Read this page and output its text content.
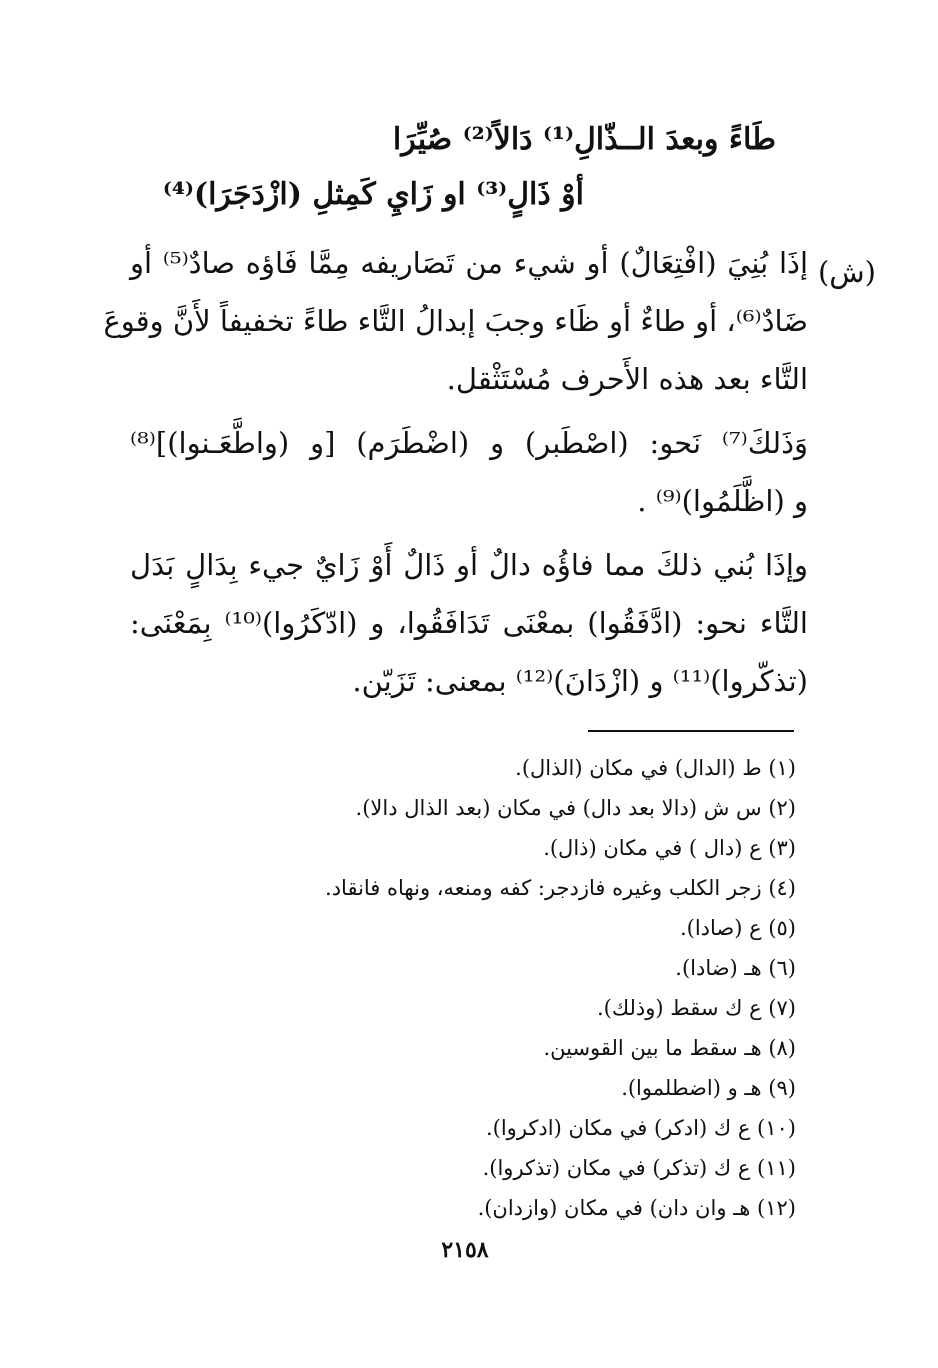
طَاءً وبعدَ الــذّالِ⁽¹⁾ دَالاً⁽²⁾ صُيِّرَا
أوْ ذَالٍ⁽³⁾ او زَايِ كَمِثلِ (ازْدَجَرَا)⁽⁴⁾
(ش)
إذَا بُنِيَ (افْتِعَالٌ) أو شيء من تَصَاريفه مِمَّا فَاؤه صادٌ⁽⁵⁾ أو
ضَادٌ⁽⁶⁾، أو طاءٌ أو ظَاء وجبَ إبدالُ التَّاء طاءً تخفيفاً لأَنَّ وقوعَ
التَّاء بعد هذه الأَحرف مُسْتَثْقل.
وَذَلكَ⁽⁷⁾ نَحو: (اصْطَبر) و (اضْطَرَم) [و (واطَّعَـنوا)]⁽⁸⁾
و (اظَّلَمُوا)⁽⁹⁾ .
وإذَا بُني ذلكَ مما فاؤُه دالٌ أو ذَالٌ أَوْ زَايٌ جيء بِدَالٍ بَدَل
التَّاء نحو: (ادَّفَقُوا) بمعْنَى تَدَافَقُوا، و (ادّكَرُوا)⁽¹⁰⁾ بِمَعْنَى:
(تذكّروا)⁽¹¹⁾ و (ازْدَانَ)⁽¹²⁾ بمعنى: تَزَيّن.
(١) ط (الدال) في مكان (الذال).
(٢) س ش (دالا بعد دال) في مكان (بعد الذال دالا).
(٣) ع (دال ) في مكان (ذال).
(٤) زجر الكلب وغيره فازدجر: كفه ومنعه، ونهاه فانقاد.
(٥) ع (صادا).
(٦) هـ (ضادا).
(٧) ع ك سقط (وذلك).
(٨) هـ سقط ما بين القوسين.
(٩) هـ و (اضطلموا).
(١٠) ع ك (ادكر) في مكان (ادكروا).
(١١) ع ك (تذكر) في مكان (تذكروا).
(١٢) هـ وان دان) في مكان (وازدان).
٢١٥٨
